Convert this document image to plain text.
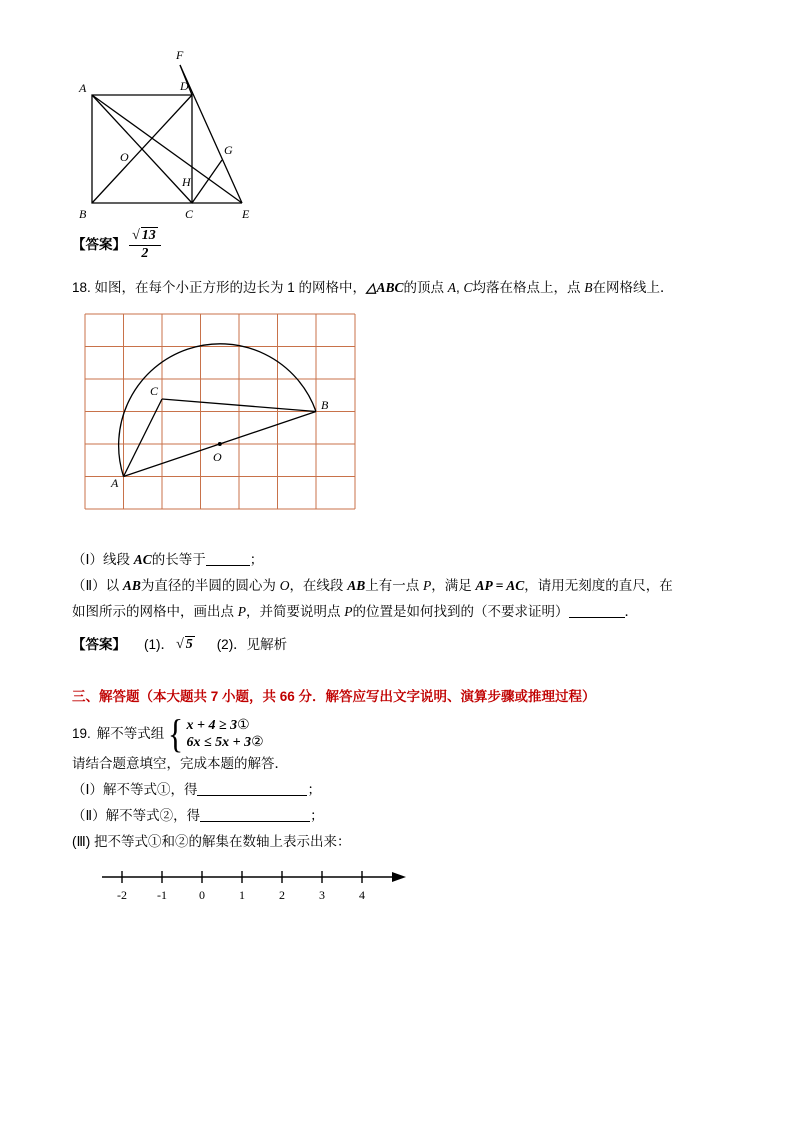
F
A	D
G
O
H
B	C	E
【答案】 $\frac{√ 13}{2}$
18. 如图，在每个小正方形的边长为 1 的网格中，△ABC的顶点 A, C均落在格点上，点 B在网格线上．
C
B
O
A
（Ⅰ）线段 AC的长等于	；
（Ⅱ）以 AB为直径的半圆的圆心为 O，在线段 AB上有一点 P，满足 AP = AC，请用无刻度的直尺，在
如图所示的网格中，画出点 P，并简要说明点 P的位置是如何找到的（不要求证明）	．
【答案】 (1)． √ 5 (2)．见解析
三、解答题（本大题共 7 小题，共 66 分．解答应写出文字说明、演算步骤或推理过程）
19. 解不等式组 { x + 4 ≥ 3①
6x ≤ 5x + 3②
请结合题意填空，完成本题的解答．
（Ⅰ）解不等式①，得	；
（Ⅱ）解不等式②，得	；
(Ⅲ) 把不等式①和②的解集在数轴上表示出来：
-2	-1	0	1	2	3	4
